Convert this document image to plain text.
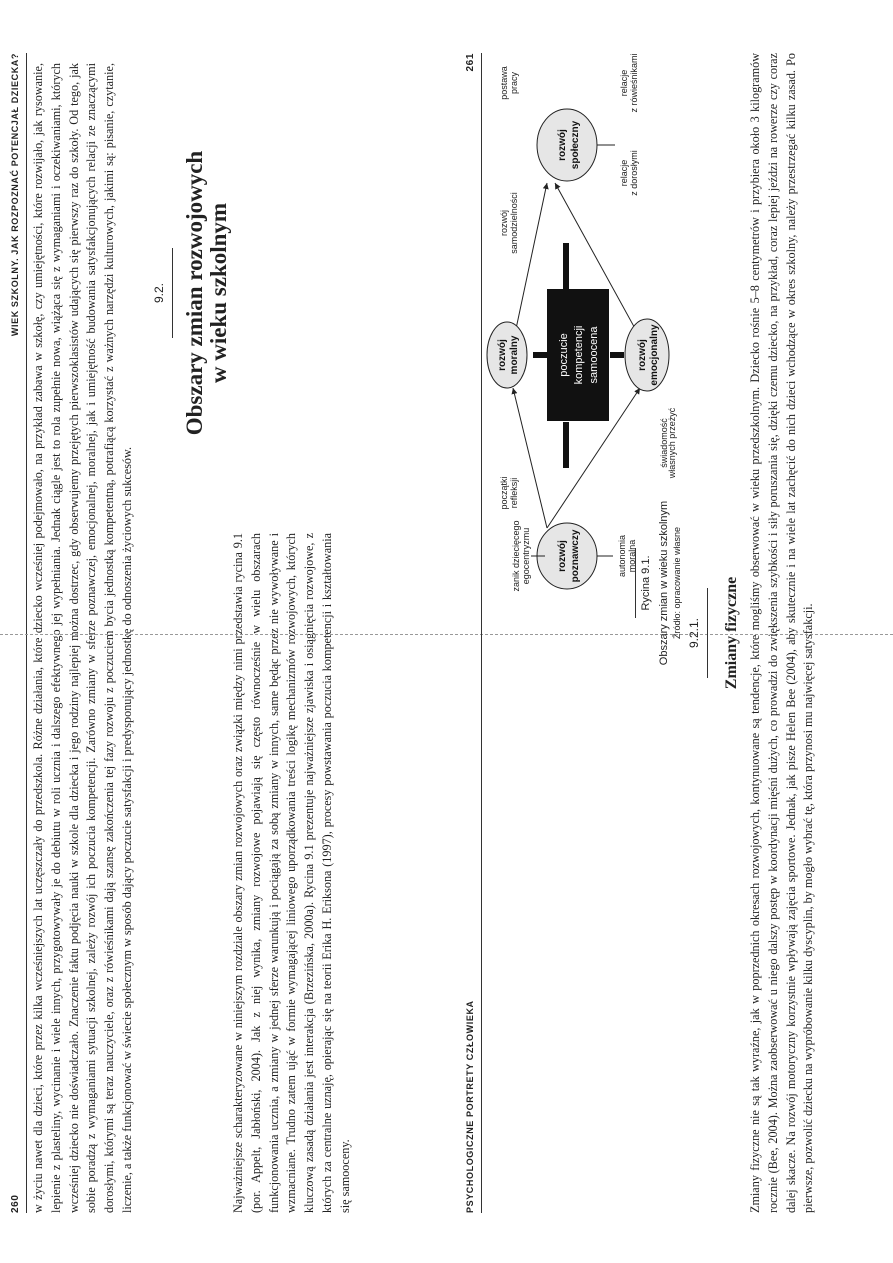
260
WIEK SZKOLNY. JAK ROZPOZNAĆ POTENCJAŁ DZIECKA? w życiu nawet dla dzieci, które przez kilka wcześniejszych lat uczęszczały do przedszkola. Różne działania, które dziecko wcześniej podejmowało, na przykład zabawa w szkołę, czy umiejętności, które rozwijało, jak rysowanie, lepienie z plasteliny, wycinanie i wiele innych, przygotowywały je do debiutu w roli ucznia i dalszego efektywnego jej wypełniania. Jednak ciągle jest to rola zupełnie nowa, wiążąca się z wymaganiami i oczekiwaniami, których wcześniej dziecko nie doświadczało. Znaczenie faktu podjęcia nauki w szkole dla dziecka i jego rodziny najlepiej można dostrzec, gdy obserwujemy przejętych pierwszoklasistów udających się pierwszy raz do szkoły. Od tego, jak sobie poradzą z wymaganiami sytuacji szkolnej, zależy rozwój ich poczucia kompetencji. Zarówno zmiany w sferze poznawczej, emocjonalnej, moralnej, jak i umiejętność budowania satysfakcjonujących relacji ze znaczącymi dorosłymi, którymi są teraz nauczyciele, oraz z rówieśnikami dają szansę zakończenia tej fazy rozwoju z poczuciem bycia jednostką kompetentną, potrafiącą korzystać z ważnych narzędzi kulturowych, jakimi są: pisanie, czytanie, liczenie, a także funkcjonować w świecie społecznym w sposób dający poczucie satysfakcji i predysponujący jednostkę do odnoszenia życiowych sukcesów.
9.2. Obszary zmian rozwojowych w wieku szkolnym
Najważniejsze scharakteryzowane w niniejszym rozdziale obszary zmian rozwojowych oraz związki między nimi przedstawia rycina 9.1 (por. Appelt, Jabłoński, 2004). Jak z niej wynika, zmiany rozwojowe pojawiają się często równocześnie w wielu obszarach funkcjonowania ucznia, a zmiany w jednej sferze warunkują i pociągają za sobą zmiany w innych, same będąc przez nie wywoływane i wzmacniane. Trudno zatem ująć w formie wymagającej liniowego uporządkowania treści logikę mechanizmów rozwojowych, których kluczową zasadą działania jest interakcja (Brzezińska, 2000a). Rycina 9.1 prezentuje najważniejsze zjawiska i osiągnięcia rozwojowe, z których za centralne uznaję, opierając się na teorii Erika H. Eriksona (1997), procesy powstawania poczucia kompetencji i kształtowania się samooceny.	PSYCHOLOGICZNE PORTRETY CZŁOWIEKA
261
poczucie kompetencji samoocena
rozwój poznawczy
rozwój moralny
rozwój społeczny
rozwój emocjonalny
zanik dziecięcego egocentryzmu	autonomia moralna
relacje z dorosłymi
relacje z rówieśnikami
początki refleksji
świadomość
własnych przeżyć
rozwój samodzielności
postawa pracy
Rycina 9.1. Obszary zmian w wieku szkolnym Źródło: opracowanie własne 9.2.1. Zmiany fizyczne Zmiany fizyczne nie są tak wyraźne, jak w poprzednich okresach rozwojowych, kontynuowane są tendencje, które mogliśmy obserwować w wieku przedszkolnym. Dziecko rośnie 5–8 centymetrów i przybiera około 3 kilogramów rocznie (Bee, 2004). Można zaobserwować u niego dalszy postęp w koordynacji mięśni dużych, co prowadzi do zwiększenia szybkości i siły poruszania się, dzięki czemu dziecko, na przykład, coraz lepiej jeździ na rowerze czy coraz dalej skacze. Na rozwój motoryczny korzystnie wpływają zajęcia sportowe. Jednak, jak pisze Helen Bee (2004), aby skutecznie i na wiele lat zachęcić do nich dzieci wchodzące w okres szkolny, należy przestrzegać kilku zasad. Po pierwsze, pozwolić dziecku na wypróbowanie kilku dyscyplin, by mogło wybrać tę, która przynosi mu najwięcej satysfakcji.
